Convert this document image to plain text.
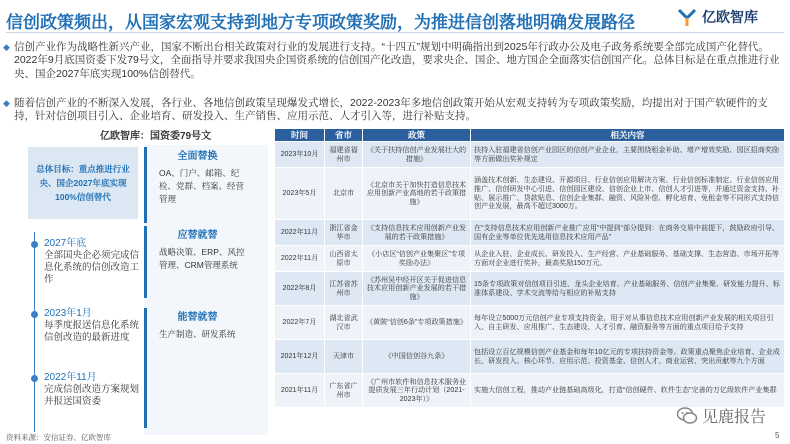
信创政策频出，从国家宏观支持到地方专项政策奖励，为推进信创落地明确发展路径	亿欧智库
◆ 信创产业作为战略性新兴产业，国家不断出台相关政策对行业的发展进行支持。“十四五”规划中明确指出到2025年行政办公及电子政务系统要全部完成国产化替代。2022年9月底国资委下发79号文，全面指导并要求我国央企国资系统的信创国产化改造，要求央企、国企、地方国企全面落实信创国产化。总体目标是在重点推进行业央、国企2027年底实现100%信创替代。
◆ 随着信创产业的不断深入发展，各行业、各地信创政策呈现爆发式增长，2022-2023年多地信创政策开始从宏观支持转为专项政策奖励，均提出对于国产软硬件的支持，针对信创项目引入、企业培育、研发投入、生产销售、应用示范、人才引入等，进行补贴支持。
亿欧智库：国资委79号文
总体目标：重点推进行业央、国企2027年底实现100%信创替代
2027年底
全部国央企必须完成信息化系统的信创改造工作
2023年1月
每季度报送信息化系统信创改造的最新进度
2022年11月
完成信创改造方案规划并报送国资委
全面替换
OA、门户、邮箱、纪检、党群、档案、经营管理
应替就替
战略决策、ERP、风控管理、CRM管理系统
能替就替
生产制造、研发系统
时间	省市	政策	相关内容
2023年10月	福建省福州市	《关于扶持信创产业发展壮大的措施》	扶持入驻福建省信创产业园区的信创产业企业，主要围绕租金补助、增产增效奖励、园区招商奖励等方面做出奖补规定
2023年5月	北京市	《北京市关于加快打造信息技术应用创新产业高地的若干政策措施》	涵盖技术创新、生态建设、开源项目、行业信创应用解决方案、行业信创标准制定、行业信创应用推广、信创研发中心引进、信创园区建设、信创企业上市、信创人才引进等，并通过资金支持、补贴、展示推广、贷款贴息、信创企业集群、融资、风险补偿、孵化培育、免租金等不同形式支持信创产业发展，最高不超过3000万。
2022年11月	浙江省金华市	《支持信息技术应用创新产业发展的若干政策措施》	在“支持信息技术应用创新产业推广应用”中提到“部分提到：在商务交易中前提下，鼓励政府引导、国有企业等单位优先选用信息技术应用产品”
2022年11月	山西省太原市	《小店区“信创产业集聚区”专项奖励办法》	从企业入驻、企业成长、研发投入、生产经营、产业基础服务、基础支撑、生态营造、市场开拓等方面对企业进行奖补，最高奖励150万元。
2022年8月	江苏省苏州市	《苏州吴中经开区关于促进信息技术应用创新产业发展的若干措施》	15条专项政策对信创项目引进、龙头企业培育、产业基础服务、信创产业集聚、研发能力提升、标准体系建设、学术交流等给与相应的补贴支持
2022年7月	湖北省武汉市	《黄陂“信创6条”专项政策措施》	每年设立5000万元信创产业专项支持资金，用于对从事信息技术应用创新产业发展的相关项目引入、自主研发、应用推广、生态建设、人才引育、融资服务等方面的重点项目给予支持
2021年12月	天津市	《中国信创谷九条》	包括设立百亿规模信创产业基金和每年10亿元的专项扶持资金等。政策重点聚焦企业培育、企业成长、研发投入、核心环节、应用示范、投资基金、信创人才、商业运营、突出贡献等九个方面
2021年11月	广东省广州市	《广州市软件和信息技术服务业提质发展三年行动计划（2021-2023年）》	实施大信创工程，推动产业链基础高级化，打造“信创硬件、软件生态”完善的万亿级软件产业集群
资料来源：安信证券、亿欧智库
见鹿报告
5
